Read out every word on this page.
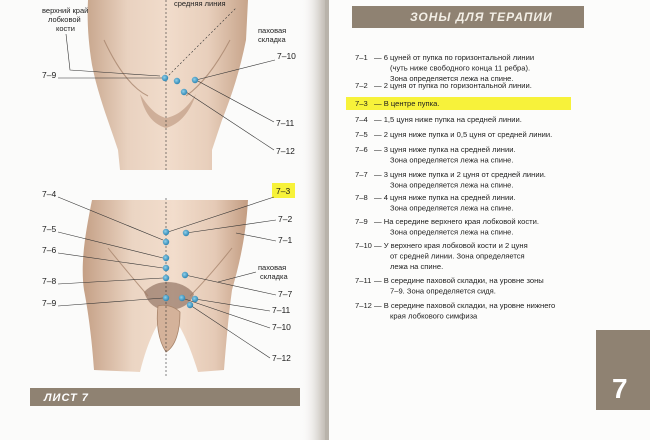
средняя линия
верхний край
лобковой
кости	паховая
складка
7–9
7–10
7–11
7–12
7–3
паховая
складка
7–4
7–5
7–6
7–8
7–9
7–2
7–1
7–7
7–11
7–10
7–12
ЛИСТ 7
ЗОНЫ ДЛЯ ТЕРАПИИ
7–1 — 6 цуней от пупка по горизонтальной линии
(чуть ниже свободного конца 11 ребра).
Зона определяется лежа на спине.
7–2 — 2 цуня от пупка по горизонтальной линии.
7–3 — В центре пупка.
7–4 — 1,5 цуня ниже пупка на средней линии.
7–5 — 2 цуня ниже пупка и 0,5 цуня от средней линии.
7–6 — 3 цуня ниже пупка на средней линии.
Зона определяется лежа на спине.
7–7 — 3 цуня ниже пупка и 2 цуня от средней линии.
Зона определяется лежа на спине.
7–8 — 4 цуня ниже пупка на средней линии.
Зона определяется лежа на спине.
7–9 — На середине верхнего края лобковой кости.
Зона определяется лежа на спине.
7–10 — У верхнего края лобковой кости и 2 цуня
от средней линии. Зона определяется
лежа на спине.
7–11 — В середине паховой складки, на уровне зоны
7–9. Зона определяется сидя.
7–12 — В середине паховой складки, на уровне нижнего
края лобкового симфиза
7
